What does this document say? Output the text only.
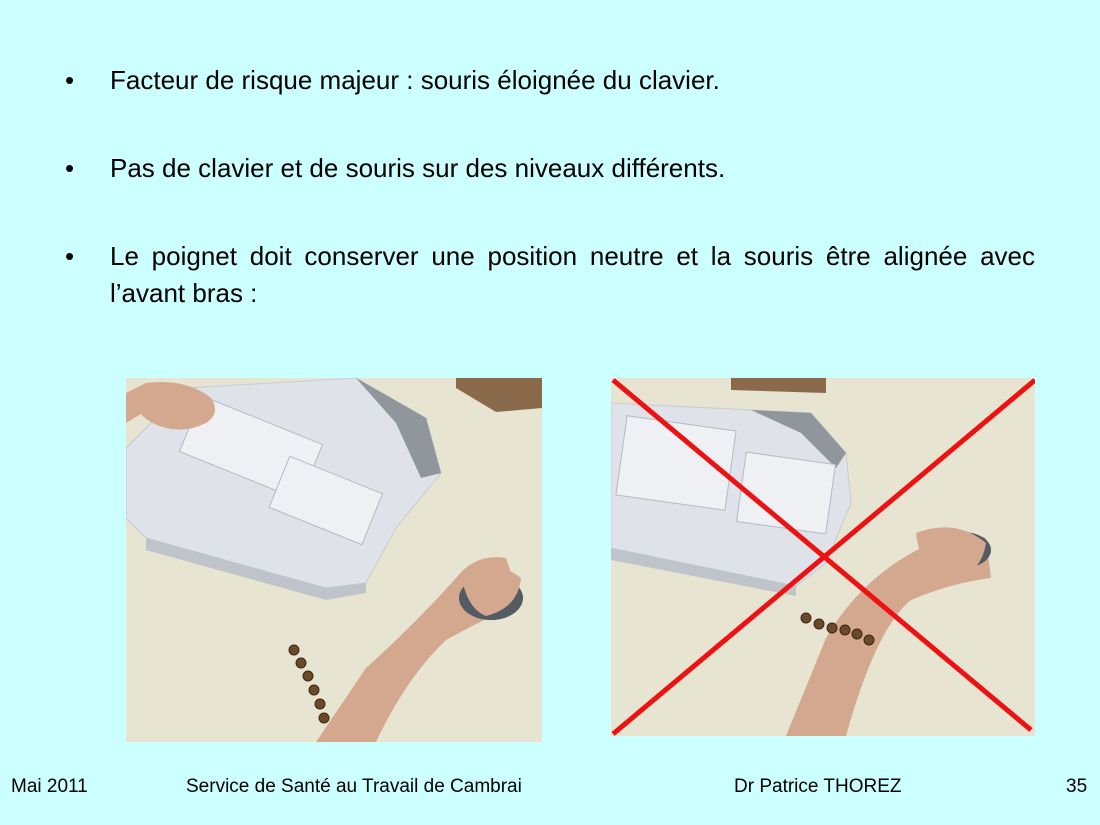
• Facteur de risque majeur : souris éloignée du clavier.
• Pas de clavier et de souris sur des niveaux différents.
• Le poignet doit conserver une position neutre et la souris être alignée avec l’avant bras :
Mai 2011	Service de Santé au Travail de Cambrai	Dr Patrice THOREZ	35
